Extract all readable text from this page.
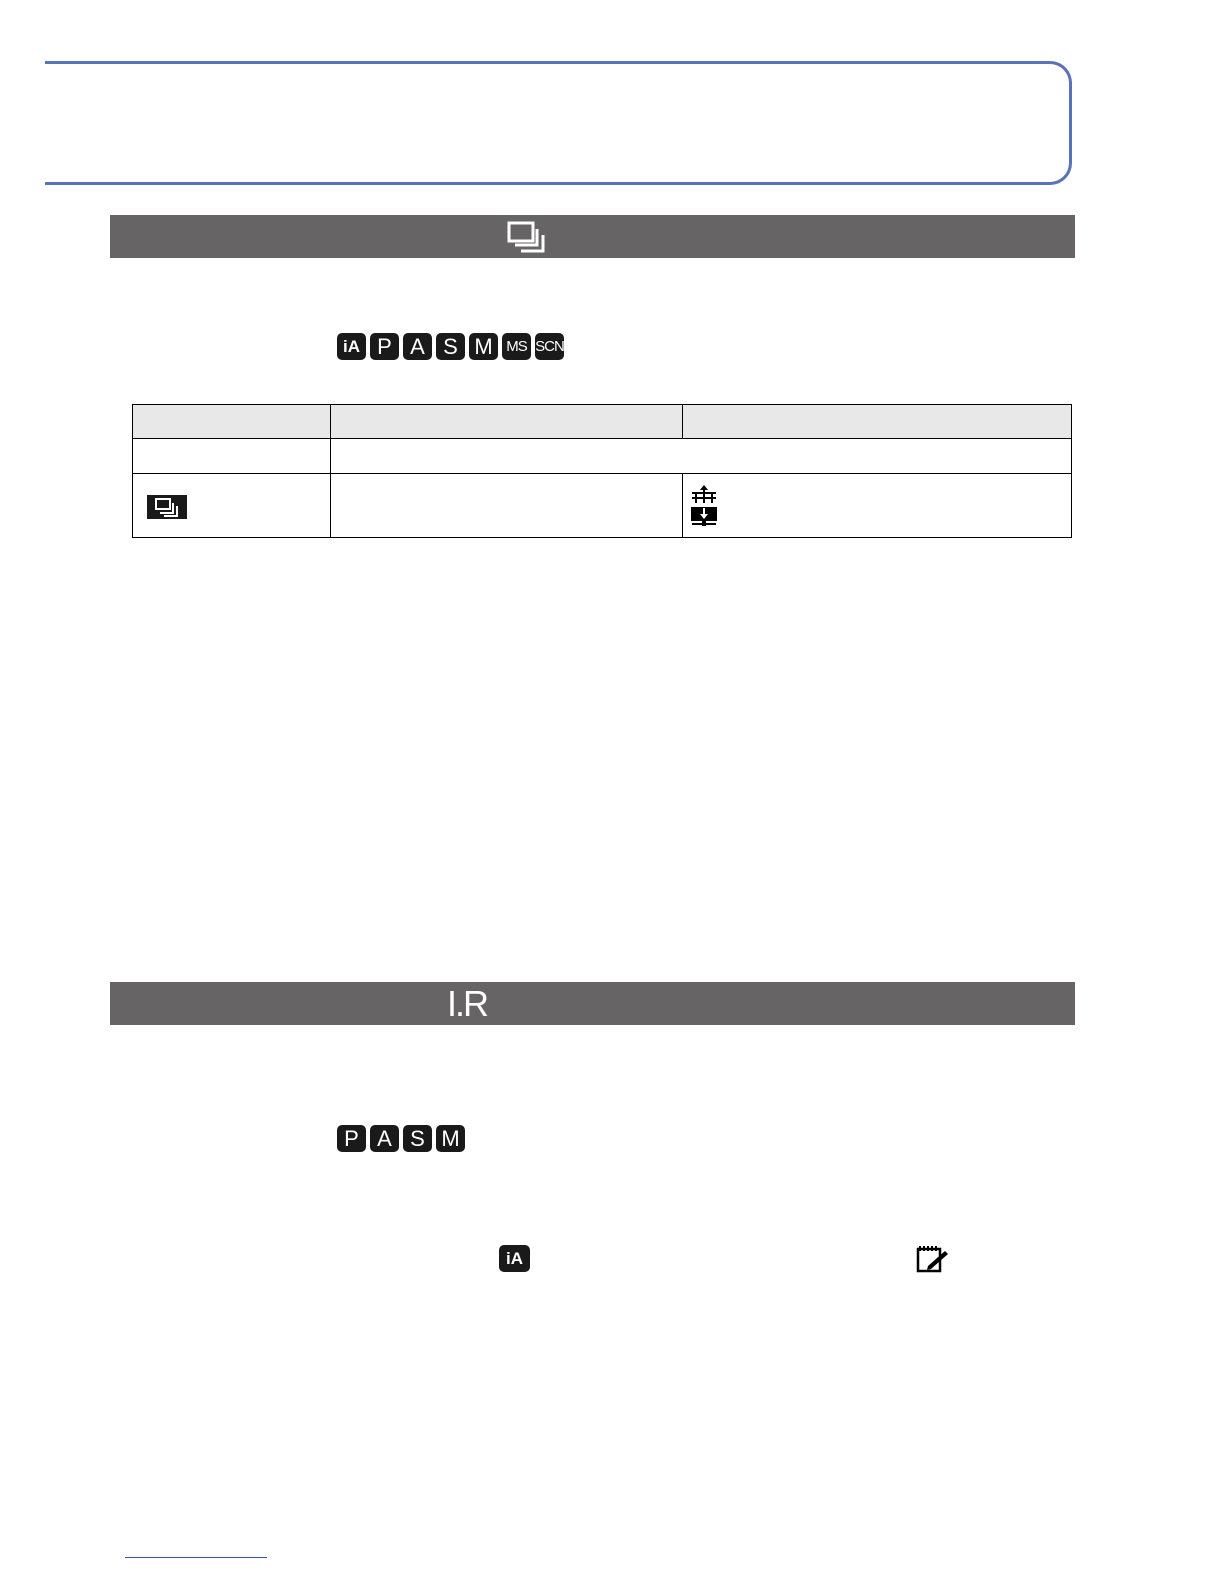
iA P A S M MS SCN

I.R
P A S M
iA
